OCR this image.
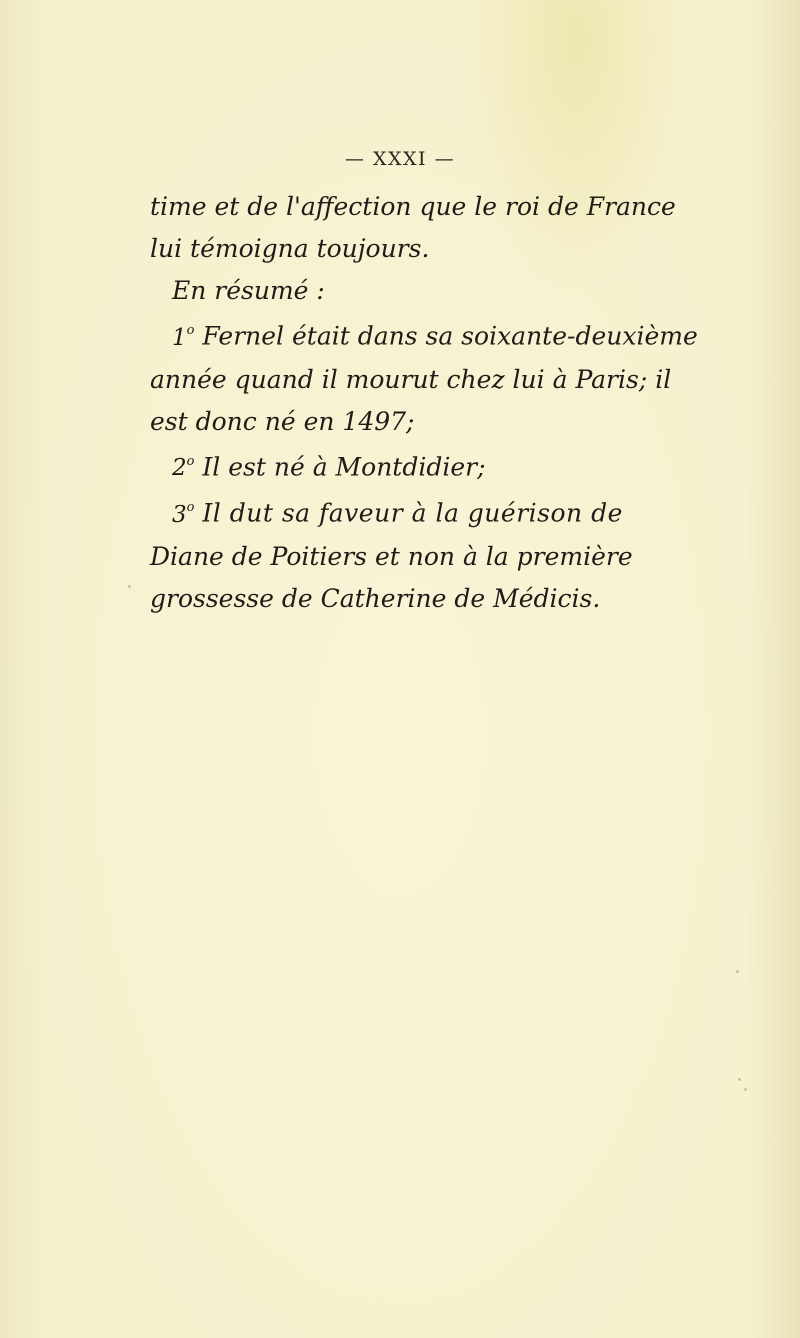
— XXXI —
time et de l'affection que le roi de France
lui témoigna toujours.
En résumé :
1$^o$ Fernel était dans sa soixante-deuxième
année quand il mourut chez lui à Paris; il
est donc né en 1497;
2$^o$ Il est né à Montdidier;
3$^o$ Il dut sa faveur à la guérison de
Diane de Poitiers et non à la première
grossesse de Catherine de Médicis.
